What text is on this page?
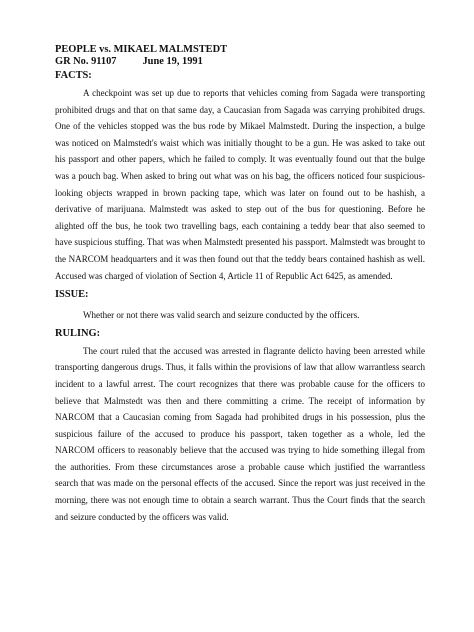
PEOPLE vs. MIKAEL MALMSTEDT

GR No. 91107	June 19, 1991

FACTS:

A checkpoint was set up due to reports that vehicles coming from Sagada were transporting prohibited drugs and that on that same day, a Caucasian from Sagada was carrying prohibited drugs. One of the vehicles stopped was the bus rode by Mikael Malmstedt. During the inspection, a bulge was noticed on Malmstedt's waist which was initially thought to be a gun. He was asked to take out his passport and other papers, which he failed to comply. It was eventually found out that the bulge was a pouch bag. When asked to bring out what was on his bag, the officers noticed four suspicious-looking objects wrapped in brown packing tape, which was later on found out to be hashish, a derivative of marijuana. Malmstedt was asked to step out of the bus for questioning. Before he alighted off the bus, he took two travelling bags, each containing a teddy bear that also seemed to have suspicious stuffing. That was when Malmstedt presented his passport. Malmstedt was brought to the NARCOM headquarters and it was then found out that the teddy bears contained hashish as well. Accused was charged of violation of Section 4, Article 11 of Republic Act 6425, as amended.

ISSUE:

Whether or not there was valid search and seizure conducted by the officers.

RULING:

The court ruled that the accused was arrested in flagrante delicto having been arrested while transporting dangerous drugs. Thus, it falls within the provisions of law that allow warrantless search incident to a lawful arrest. The court recognizes that there was probable cause for the officers to believe that Malmstedt was then and there committing a crime. The receipt of information by NARCOM that a Caucasian coming from Sagada had prohibited drugs in his possession, plus the suspicious failure of the accused to produce his passport, taken together as a whole, led the NARCOM officers to reasonably believe that the accused was trying to hide something illegal from the authorities. From these circumstances arose a probable cause which justified the warrantless search that was made on the personal effects of the accused. Since the report was just received in the morning, there was not enough time to obtain a search warrant. Thus the Court finds that the search and seizure conducted by the officers was valid.
